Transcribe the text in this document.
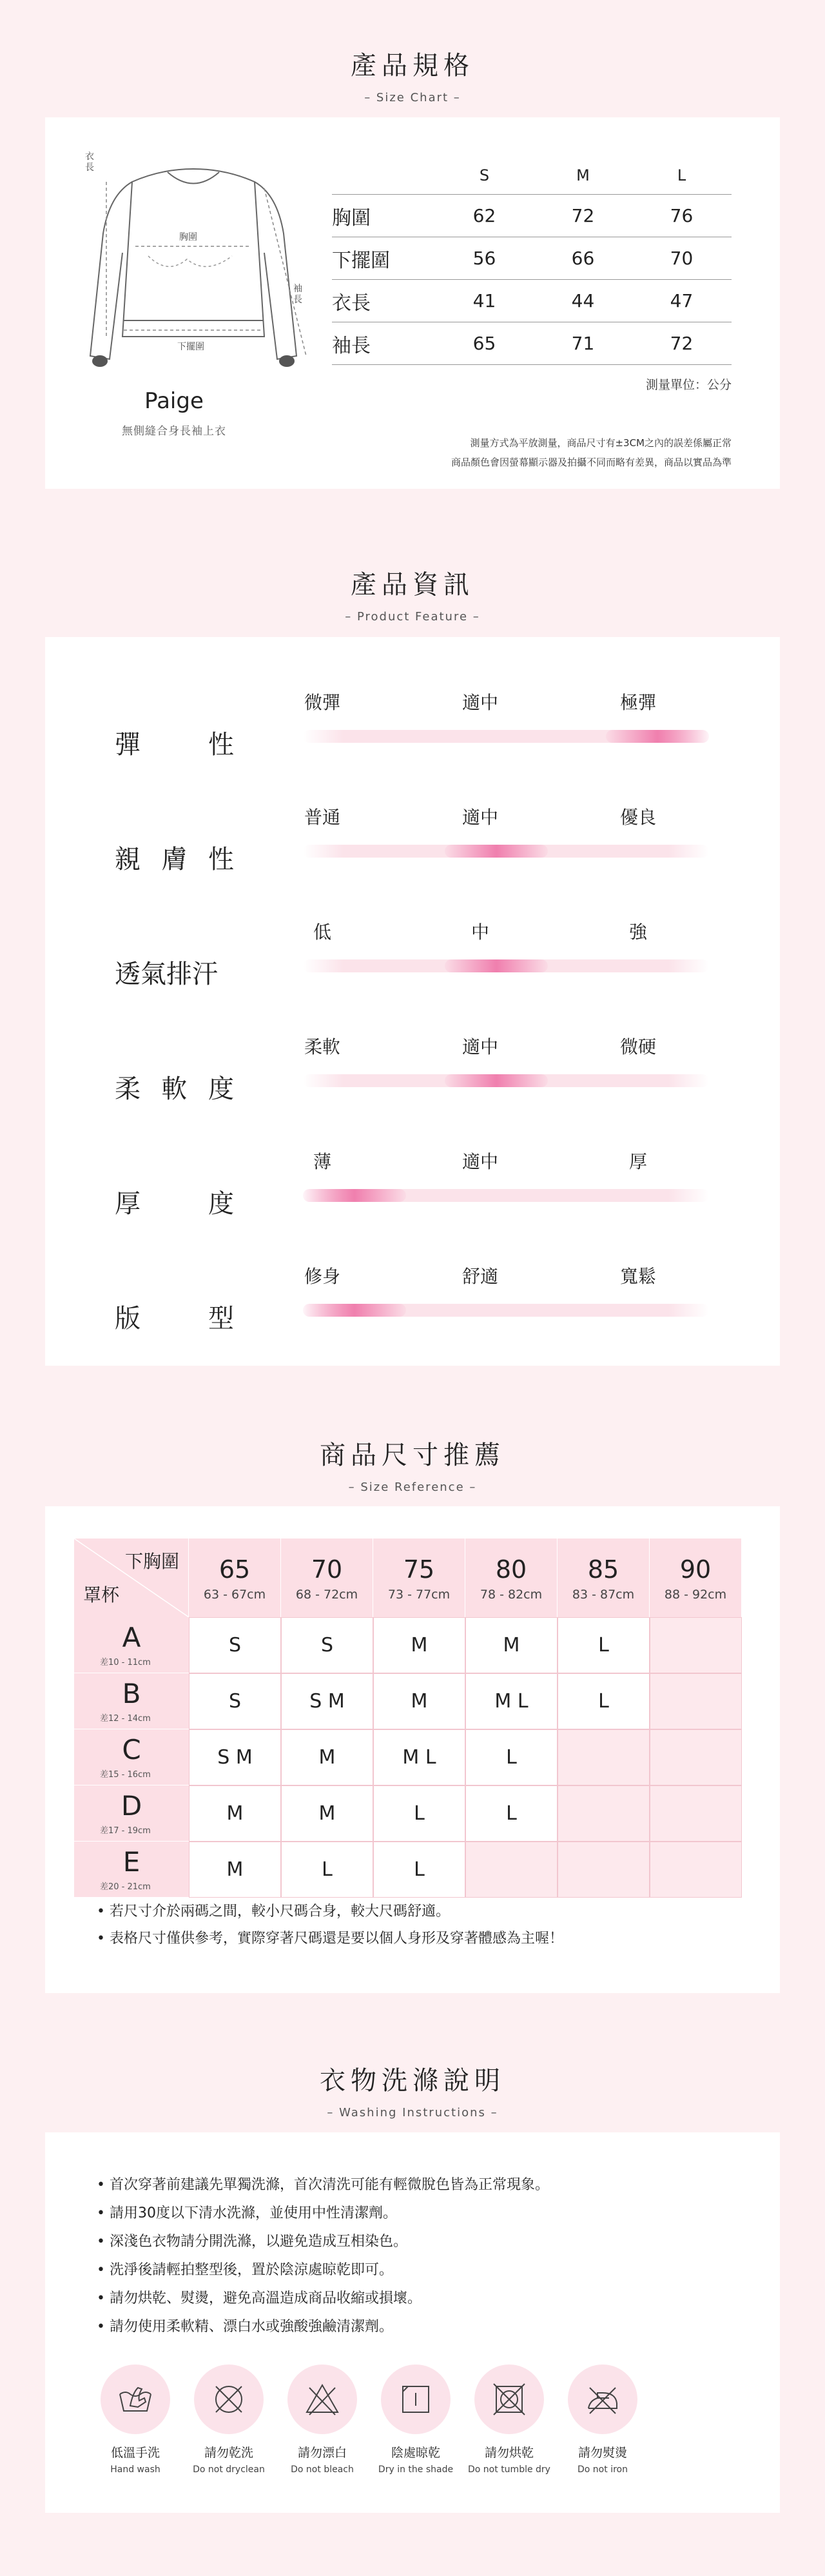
產品規格
– Size Chart –
衣
長
胸圍
下擺圍
袖
長
Paige
無側縫合身長袖上衣
S	M	L
胸圍	62	72	76
下擺圍	56	66	70
衣長	41	44	47
袖長	65	71	72
測量單位：公分
測量方式為平放測量，商品尺寸有±3CM之內的誤差係屬正常
商品顏色會因螢幕顯示器及拍攝不同而略有差異，商品以實品為準
產品資訊
– Product Feature –
彈	性
微彈	適中	極彈
親 膚 性
普通	適中	優良
透氣排汗
低	中	強
柔 軟 度
柔軟	適中	微硬
厚	度
薄	適中	厚
版	型
修身	舒適	寬鬆
商品尺寸推薦
– Size Reference –
下胸圍
罩杯
65
63 - 67cm
70
68 - 72cm
75
73 - 77cm
80
78 - 82cm
85
83 - 87cm
90
88 - 92cm
A
差10 - 11cm
S	S	M	M	L
B
差12 - 14cm
S	S M	M	M L	L
C
差15 - 16cm
S M	M	M L	L
D
差17 - 19cm
M	M	L	L
E
差20 - 21cm
M	L	L
• 若尺寸介於兩碼之間，較小尺碼合身，較大尺碼舒適。
• 表格尺寸僅供參考，實際穿著尺碼還是要以個人身形及穿著體感為主喔！
衣物洗滌說明
– Washing Instructions –
• 首次穿著前建議先單獨洗滌，首次清洗可能有輕微脫色皆為正常現象。
• 請用30度以下清水洗滌，並使用中性清潔劑。
• 深淺色衣物請分開洗滌，以避免造成互相染色。
• 洗淨後請輕拍整型後，置於陰涼處晾乾即可。
• 請勿烘乾、熨燙，避免高溫造成商品收縮或損壞。
• 請勿使用柔軟精、漂白水或強酸強鹼清潔劑。
低溫手洗
Hand wash
請勿乾洗
Do not dryclean
請勿漂白
Do not bleach
陰處晾乾
Dry in the shade
請勿烘乾
Do not tumble dry
請勿熨燙
Do not iron
